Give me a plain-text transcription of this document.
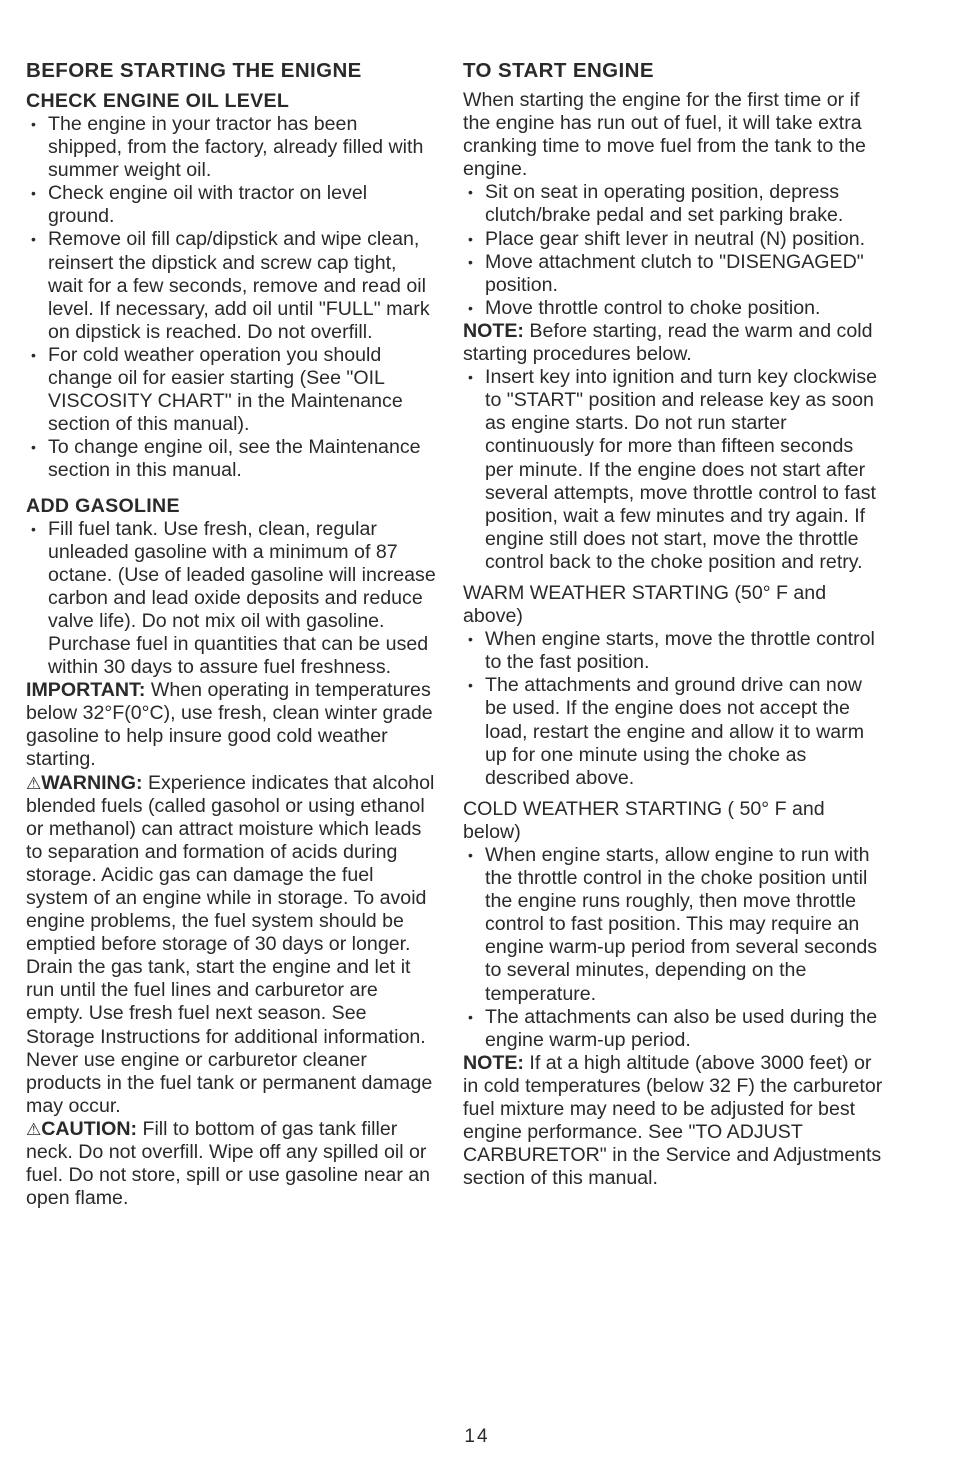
BEFORE STARTING THE ENIGNE
CHECK ENGINE OIL LEVEL
• The engine in your tractor has been shipped, from the factory, already filled with summer weight oil.
• Check engine oil with tractor on level ground.
• Remove oil fill cap/dipstick and wipe clean, reinsert the dipstick and screw cap tight, wait for a few seconds, remove and read oil level. If necessary, add oil until "FULL" mark on dipstick is reached. Do not overfill.
• For cold weather operation you should change oil for easier starting (See "OIL VISCOSITY CHART" in the Maintenance section of this manual).
• To change engine oil, see the Maintenance section in this manual.
ADD GASOLINE
• Fill fuel tank. Use fresh, clean, regular unleaded gasoline with a minimum of 87 octane. (Use of leaded gasoline will increase carbon and lead oxide deposits and reduce valve life). Do not mix oil with gasoline. Purchase fuel in quantities that can be used within 30 days to assure fuel freshness.

IMPORTANT: When operating in temperatures below 32°F(0°C), use fresh, clean winter grade gasoline to help insure good cold weather starting.

⚠WARNING: Experience indicates that alcohol blended fuels (called gasohol or using ethanol or methanol) can attract moisture which leads to separation and formation of acids during storage. Acidic gas can damage the fuel system of an engine while in storage. To avoid engine problems, the fuel system should be emptied before storage of 30 days or longer. Drain the gas tank, start the engine and let it run until the fuel lines and carburetor are empty. Use fresh fuel next season. See Storage Instructions for additional information. Never use engine or carburetor cleaner products in the fuel tank or permanent damage may occur.

⚠CAUTION: Fill to bottom of gas tank filler neck. Do not overfill. Wipe off any spilled oil or fuel. Do not store, spill or use gasoline near an open flame.

TO START ENGINE

When starting the engine for the first time or if the engine has run out of fuel, it will take extra cranking time to move fuel from the tank to the engine.

• Sit on seat in operating position, depress clutch/brake pedal and set parking brake.
• Place gear shift lever in neutral (N) position.
• Move attachment clutch to "DISENGAGED" position.
• Move throttle control to choke position.

NOTE: Before starting, read the warm and cold starting procedures below.

• Insert key into ignition and turn key clockwise to "START" position and release key as soon as engine starts. Do not run starter continuously for more than fifteen seconds per minute. If the engine does not start after several attempts, move throttle control to fast position, wait a few minutes and try again. If engine still does not start, move the throttle control back to the choke position and retry.

WARM WEATHER STARTING (50° F and above)

• When engine starts, move the throttle control to the fast position.
• The attachments and ground drive can now be used. If the engine does not accept the load, restart the engine and allow it to warm up for one minute using the choke as described above.

COLD WEATHER STARTING ( 50° F and below)

• When engine starts, allow engine to run with the throttle control in the choke position until the engine runs roughly, then move throttle control to fast position. This may require an engine warm-up period from several seconds to several minutes, depending on the temperature.
• The attachments can also be used during the engine warm-up period.

NOTE: If at a high altitude (above 3000 feet) or in cold temperatures (below 32 F) the carburetor fuel mixture may need to be adjusted for best engine performance. See "TO ADJUST CARBURETOR" in the Service and Adjustments section of this manual.

14
